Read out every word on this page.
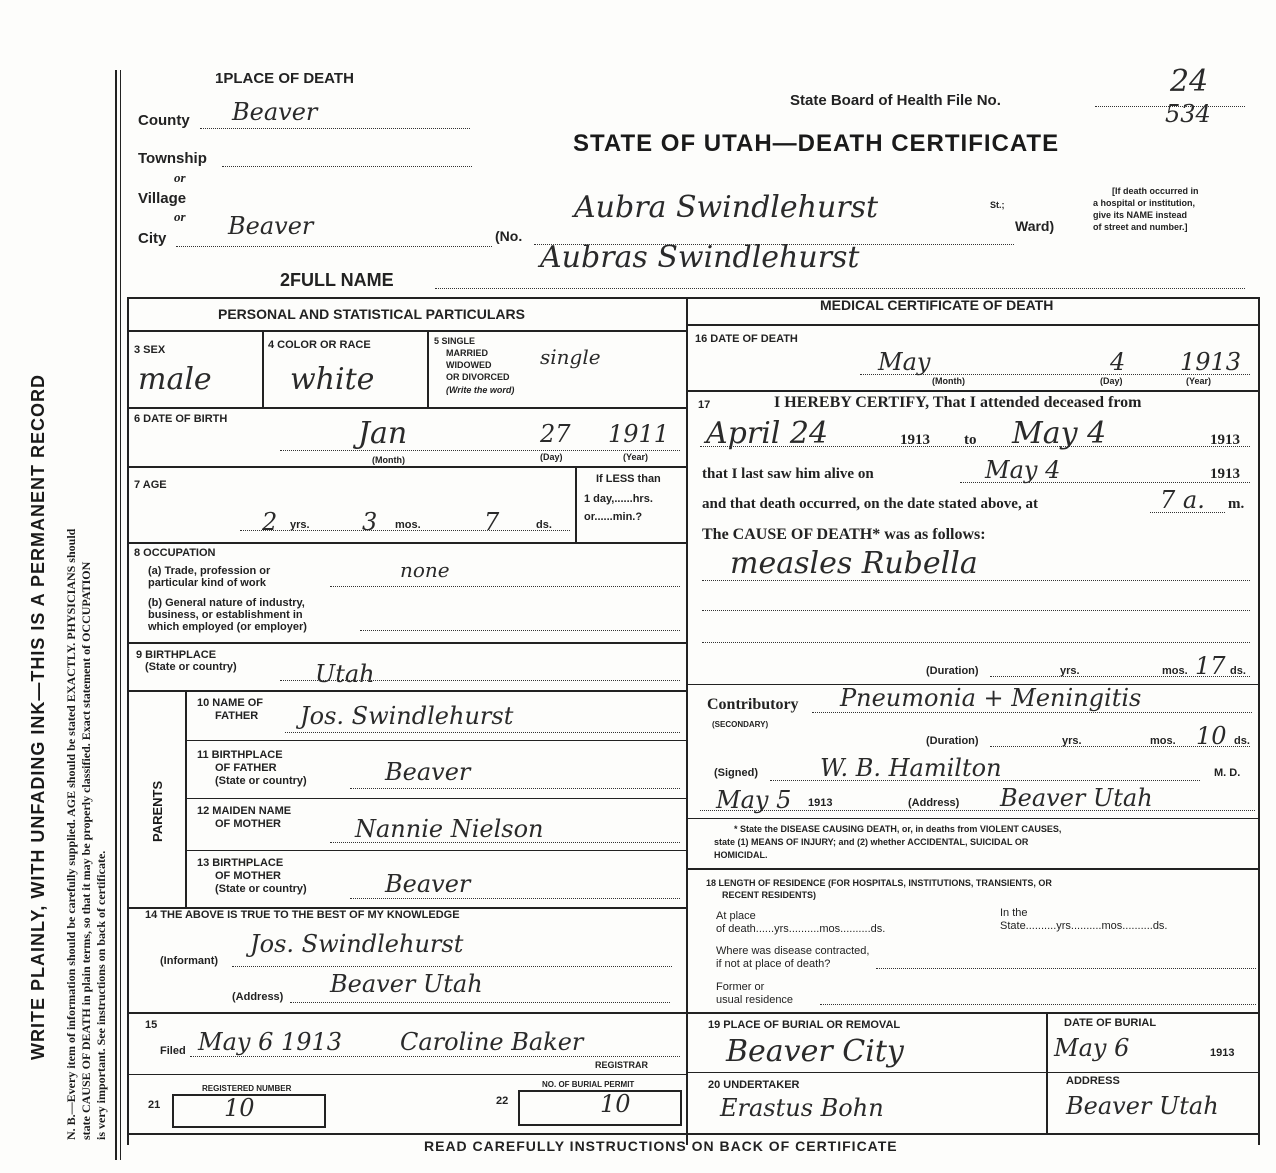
WRITE PLAINLY, WITH UNFADING INK—THIS IS A PERMANENT RECORD N. B.—Every item of information should be carefully supplied. AGE should be stated EXACTLY. PHYSICIANS should state CAUSE OF DEATH in plain terms, so that it may be properly classified. Exact statement of OCCUPATION is very important. See instructions on back of certificate.
1PLACE OF DEATH
County Beaver
Township
or
Village
or
City	Beaver	(No.
St.;
Ward)
Aubra Swindlehurst
State Board of Health File No.
24
534
STATE OF UTAH—DEATH CERTIFICATE
[If death occurred in
a hospital or institution,
give its NAME instead
of street and number.]
2FULL NAME
Aubras Swindlehurst
PERSONAL AND STATISTICAL PARTICULARS
3 SEX
male
4 COLOR OR RACE
white
5 SINGLE
MARRIED
WIDOWED
OR DIVORCED
(Write the word)
single
6 DATE OF BIRTH	Jan	27 1911
(Month)	(Day)	(Year)
7 AGE
2 yrs. 3 mos.	7	ds.
If LESS than
1 day,......hrs.
or......min.?
8 OCCUPATION
(a) Trade, profession or
particular kind of work
(b) General nature of industry,
business, or establishment in
which employed (or employer)
none
9 BIRTHPLACE
(State or country)	Utah
PARENTS
10 NAME OF
FATHER Jos. Swindlehurst
11 BIRTHPLACE
OF FATHER
(State or country)	Beaver
12 MAIDEN NAME
OF MOTHER	Nannie Nielson
13 BIRTHPLACE
OF MOTHER
(State or country)	Beaver
14 THE ABOVE IS TRUE TO THE BEST OF MY KNOWLEDGE
(Informant)
Jos. Swindlehurst
(Address) Beaver Utah
15
Filed May 6 1913 Caroline Baker
REGISTRAR
REGISTERED NUMBER
21	10
NO. OF BURIAL PERMIT
22	10
MEDICAL CERTIFICATE OF DEATH
16 DATE OF DEATH
May	4 1913
(Month)	(Day)	(Year)
17	I HEREBY CERTIFY, That I attended deceased from
April 24	1913 to May 4	1913
that I last saw him alive on	May 4	1913
and that death occurred, on the date stated above, at	7 a. m.
The CAUSE OF DEATH* was as follows:
measles Rubella
(Duration)	yrs.	mos. 17 ds.
Contributory
(SECONDARY)
Pneumonia + Meningitis
(Duration)	yrs.	mos. 10 ds.
(Signed)	W. B. Hamilton	M. D.
May 5 1913	(Address) Beaver Utah
* State the DISEASE CAUSING DEATH, or, in deaths from VIOLENT CAUSES,
state (1) MEANS OF INJURY; and (2) whether ACCIDENTAL, SUICIDAL OR
HOMICIDAL.
18 LENGTH OF RESIDENCE (FOR HOSPITALS, INSTITUTIONS, TRANSIENTS, OR
RECENT RESIDENTS)
At place
of death......yrs..........mos..........ds.
In the
State..........yrs..........mos..........ds.
Where was disease contracted,
if not at place of death?
Former or
usual residence
19 PLACE OF BURIAL OR REMOVAL
Beaver City
DATE OF BURIAL
May 6	1913
20 UNDERTAKER
Erastus Bohn
ADDRESS
Beaver Utah
READ CAREFULLY INSTRUCTIONS ON BACK OF CERTIFICATE
